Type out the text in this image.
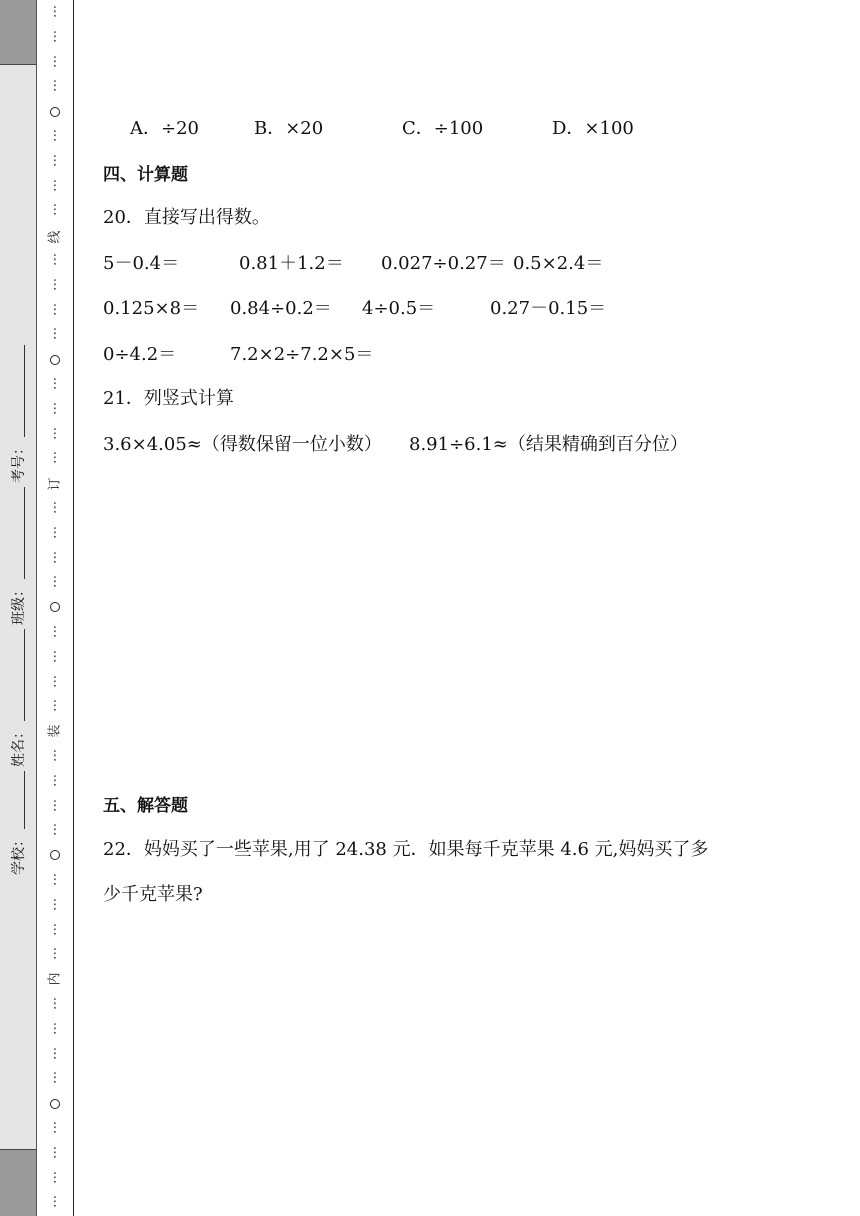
学校：
姓名：
班级：
考号：
线
订
装
内
⋮
⋮
⋮
⋮
⋮
⋮
⋮
⋮
⋮
⋮
⋮
⋮
⋮
⋮
⋮
⋮
⋮
⋮
⋮
⋮
⋮
⋮
⋮
⋮
⋮
⋮
⋮
⋮
⋮
⋮
⋮
⋮
⋮
⋮
⋮
⋮
⋮
⋮
⋮
⋮
A．÷20	B．×20	C．÷100	D．×100
四、计算题
20．直接写出得数。
5－0.4＝	0.81＋1.2＝ 0.027÷0.27＝ 0.5×2.4＝
0.125×8＝ 0.84÷0.2＝ 4÷0.5＝	0.27－0.15＝
0÷4.2＝	7.2×2÷7.2×5＝
21．列竖式计算
3.6×4.05≈（得数保留一位小数） 8.91÷6.1≈（结果精确到百分位）
五、解答题
22．妈妈买了一些苹果,用了 24.38 元．如果每千克苹果 4.6 元,妈妈买了多
少千克苹果?
